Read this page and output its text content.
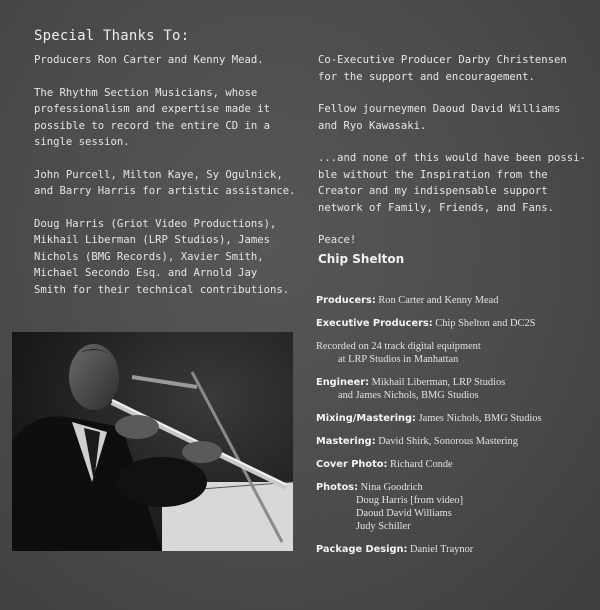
Special Thanks To:

Producers Ron Carter and Kenny Mead.

The Rhythm Section Musicians, whose
professionalism and expertise made it
possible to record the entire CD in a
single session.

John Purcell, Milton Kaye, Sy Ogulnick,
and Barry Harris for artistic assistance.

Doug Harris (Griot Video Productions),
Mikhail Liberman (LRP Studios), James
Nichols (BMG Records), Xavier Smith,
Michael Secondo Esq. and Arnold Jay
Smith for their technical contributions.

Co-Executive Producer Darby Christensen
for the support and encouragement.

Fellow journeymen Daoud David Williams
and Ryo Kawasaki.

...and none of this would have been possi-
ble without the Inspiration from the
Creator and my indispensable support
network of Family, Friends, and Fans.

Peace!

Chip Shelton

Producers: Ron Carter and Kenny Mead

Executive Producers: Chip Shelton and DC2S

Recorded on 24 track digital equipment
at LRP Studios in Manhattan

Engineer: Mikhail Liberman, LRP Studios
and James Nichols, BMG Studios

Mixing/Mastering: James Nichols, BMG Studios

Mastering: David Shirk, Sonorous Mastering

Cover Photo: Richard Conde

Photos: Nina Goodrich
Doug Harris [from video]
Daoud David Williams
Judy Schiller

Package Design: Daniel Traynor
